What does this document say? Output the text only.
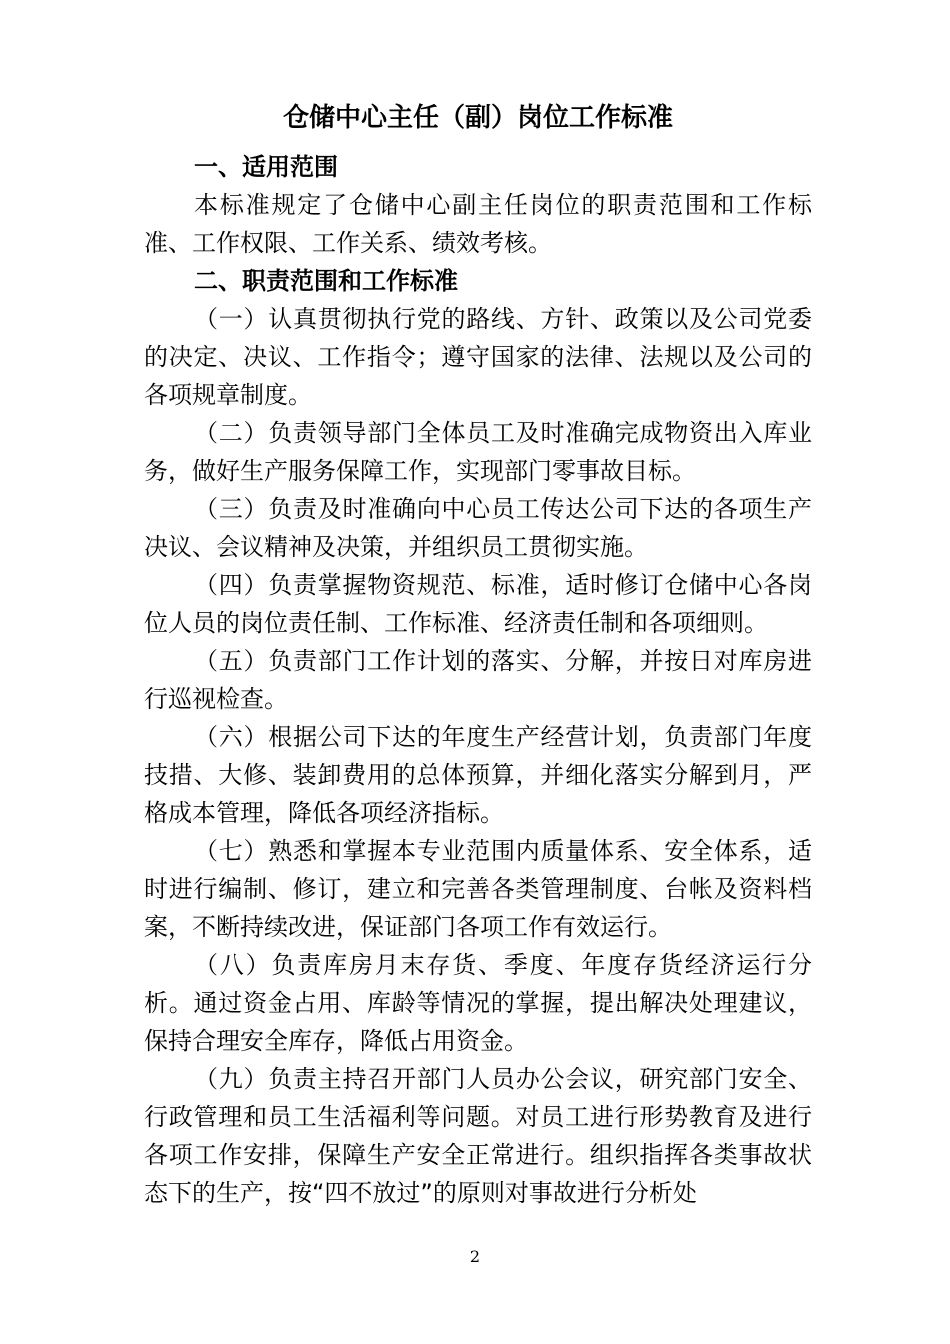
仓储中心主任（副）岗位工作标准

一、适用范围

本标准规定了仓储中心副主任岗位的职责范围和工作标准、工作权限、工作关系、绩效考核。

二、职责范围和工作标准

（一）认真贯彻执行党的路线、方针、政策以及公司党委的决定、决议、工作指令；遵守国家的法律、法规以及公司的各项规章制度。

（二）负责领导部门全体员工及时准确完成物资出入库业务，做好生产服务保障工作，实现部门零事故目标。

（三）负责及时准确向中心员工传达公司下达的各项生产决议、会议精神及决策，并组织员工贯彻实施。

（四）负责掌握物资规范、标准，适时修订仓储中心各岗位人员的岗位责任制、工作标准、经济责任制和各项细则。

（五）负责部门工作计划的落实、分解，并按日对库房进行巡视检查。

（六）根据公司下达的年度生产经营计划，负责部门年度技措、大修、装卸费用的总体预算，并细化落实分解到月，严格成本管理，降低各项经济指标。

（七）熟悉和掌握本专业范围内质量体系、安全体系，适时进行编制、修订，建立和完善各类管理制度、台帐及资料档案，不断持续改进，保证部门各项工作有效运行。

（八）负责库房月末存货、季度、年度存货经济运行分析。通过资金占用、库龄等情况的掌握，提出解决处理建议，保持合理安全库存，降低占用资金。

（九）负责主持召开部门人员办公会议，研究部门安全、行政管理和员工生活福利等问题。对员工进行形势教育及进行各项工作安排，保障生产安全正常进行。组织指挥各类事故状态下的生产，按“四不放过”的原则对事故进行分析处

2
